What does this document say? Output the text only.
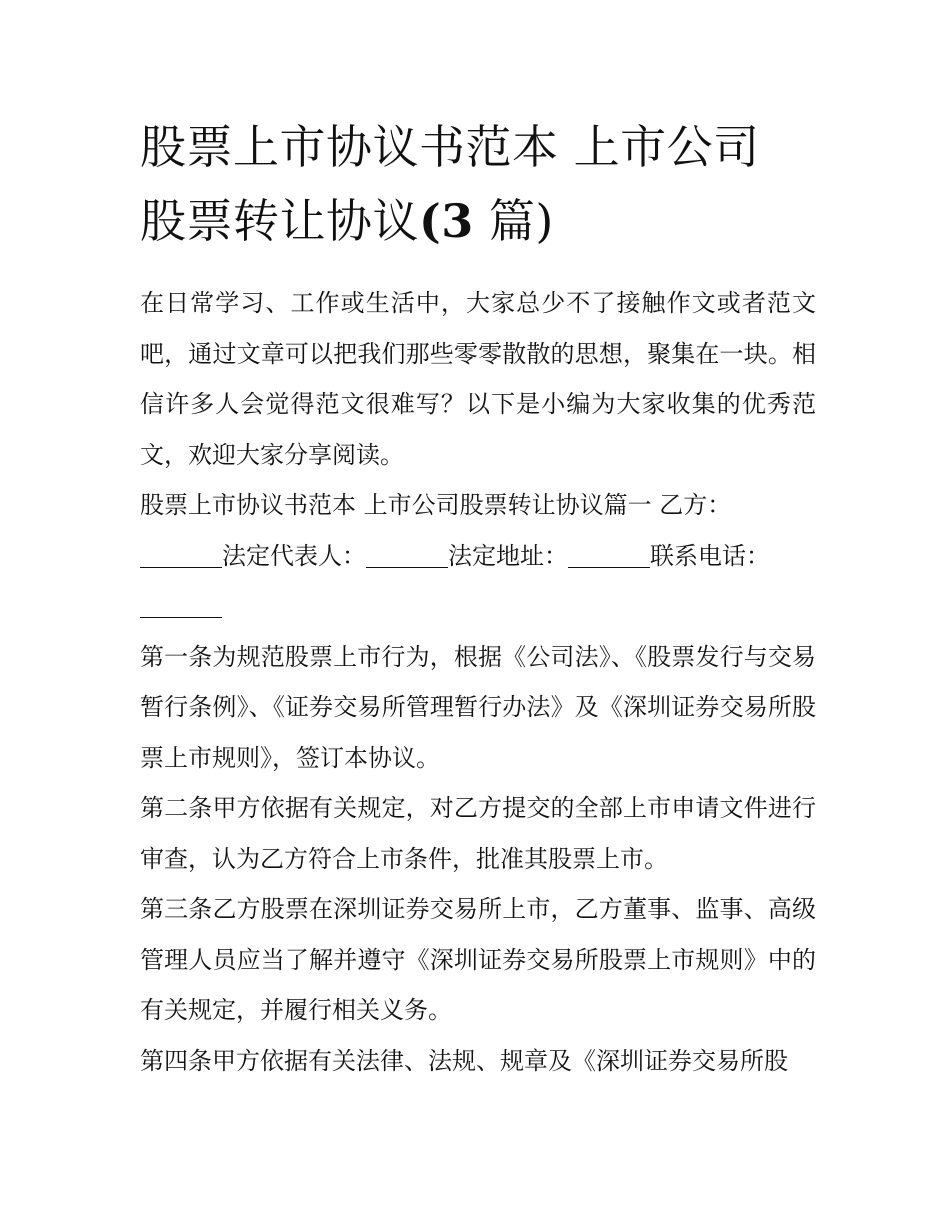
股票上市协议书范本 上市公司
股票转让协议(3 篇)

在日常学习、工作或生活中，大家总少不了接触作文或者范文吧，通过文章可以把我们那些零零散散的思想，聚集在一块。相信许多人会觉得范文很难写？以下是小编为大家收集的优秀范文，欢迎大家分享阅读。

股票上市协议书范本 上市公司股票转让协议篇一 乙方：

法定代表人：	法定地址：	联系电话：

第一条为规范股票上市行为，根据《公司法》、《股票发行与交易暂行条例》、《证券交易所管理暂行办法》及《深圳证券交易所股票上市规则》，签订本协议。

第二条甲方依据有关规定，对乙方提交的全部上市申请文件进行审查，认为乙方符合上市条件，批准其股票上市。

第三条乙方股票在深圳证券交易所上市，乙方董事、监事、高级管理人员应当了解并遵守《深圳证券交易所股票上市规则》中的有关规定，并履行相关义务。

第四条甲方依据有关法律、法规、规章及《深圳证券交易所股
